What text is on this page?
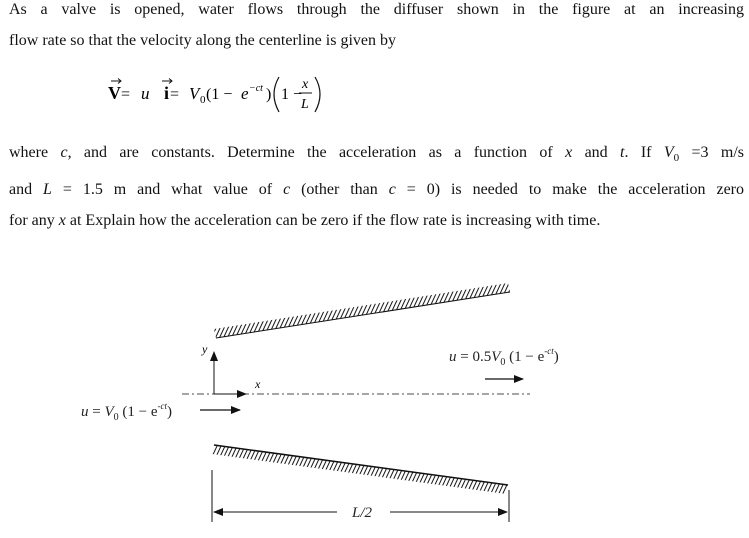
As a valve is opened, water flows through the diffuser shown in the figure at an increasing
flow rate so that the velocity along the centerline is given by
V = u i = V 0 (1 − e −ct ) 1 −
x
L
where c, and are constants. Determine the acceleration as a function of x and t. If $V_0 =3$ m/s
and L = 1.5 m and what value of c (other than c = 0) is needed to make the acceleration zero
for any x at Explain how the acceleration can be zero if the flow rate is increasing with time.
y
x
u = V0 (1 − e-ct)
u = 0.5V0 (1 − e-ct)
L/2
